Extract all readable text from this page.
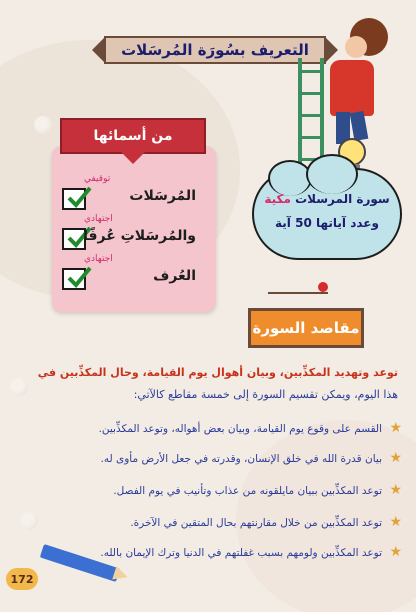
التعريف بسُورَة المُرسَلات
من أسمائها
توقيفي
المُرسَلات
اجتهادي
والمُرسَلاتِ عُرفًا
اجتهادي
العُرف
سورة المرسلات مكية
وعدد آياتها 50 آية
مقاصد السورة
توعد وتهديد المكذِّبين، وبيان أهوال يوم القيامة، وحال المكذِّبين في
هذا اليوم، ويمكن تقسيم السورة إلى خمسة مقاطع كالآتي:
★القسم على وقوع يوم القيامة، وبيان بعض أهواله، وتوعد المكذِّبين.
★بيان قدرة الله في خلق الإنسان، وقدرته في جعل الأرض مأوى له.
★توعد المكذِّبين ببيان مايلقونه من عذاب وتأنيب في يوم الفصل.
★توعد المكذِّبين من خلال مقارنتهم بحال المتقين في الآخرة.
★توعد المكذِّبين ولومهم بسبب غفلتهم في الدنيا وترك الإيمان بالله.
172
